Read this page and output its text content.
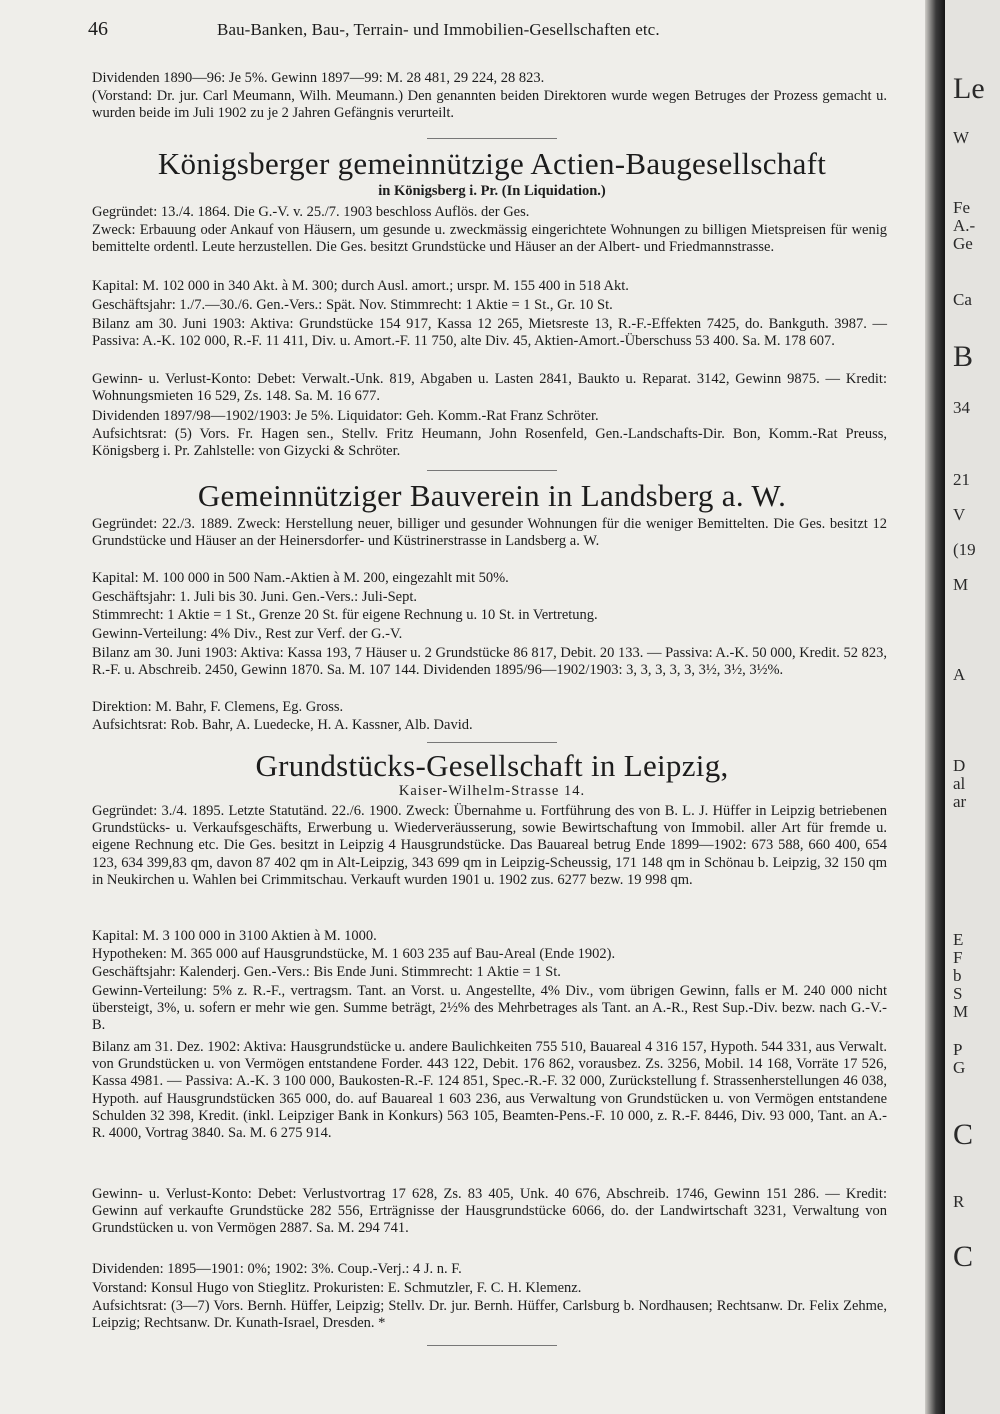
46	Bau-Banken, Bau-, Terrain- und Immobilien-Gesellschaften etc.
Dividenden 1890—96: Je 5%. Gewinn 1897—99: M. 28 481, 29 224, 28 823.
(Vorstand: Dr. jur. Carl Meumann, Wilh. Meumann.) Den genannten beiden Direktoren wurde wegen Betruges der Prozess gemacht u. wurden beide im Juli 1902 zu je 2 Jahren Gefängnis verurteilt.
Königsberger gemeinnützige Actien-Baugesellschaft
in Königsberg i. Pr. (In Liquidation.)
Gegründet: 13./4. 1864. Die G.-V. v. 25./7. 1903 beschloss Auflös. der Ges.
Zweck: Erbauung oder Ankauf von Häusern, um gesunde u. zweckmässig eingerichtete Wohnungen zu billigen Mietspreisen für wenig bemittelte ordentl. Leute herzustellen. Die Ges. besitzt Grundstücke und Häuser an der Albert- und Friedmannstrasse.
Kapital: M. 102 000 in 340 Akt. à M. 300; durch Ausl. amort.; urspr. M. 155 400 in 518 Akt.
Geschäftsjahr: 1./7.—30./6. Gen.-Vers.: Spät. Nov. Stimmrecht: 1 Aktie = 1 St., Gr. 10 St.
Bilanz am 30. Juni 1903: Aktiva: Grundstücke 154 917, Kassa 12 265, Mietsreste 13, R.-F.-Effekten 7425, do. Bankguth. 3987. — Passiva: A.-K. 102 000, R.-F. 11 411, Div. u. Amort.-F. 11 750, alte Div. 45, Aktien-Amort.-Überschuss 53 400. Sa. M. 178 607.
Gewinn- u. Verlust-Konto: Debet: Verwalt.-Unk. 819, Abgaben u. Lasten 2841, Baukto u. Reparat. 3142, Gewinn 9875. — Kredit: Wohnungsmieten 16 529, Zs. 148. Sa. M. 16 677.
Dividenden 1897/98—1902/1903: Je 5%. Liquidator: Geh. Komm.-Rat Franz Schröter.
Aufsichtsrat: (5) Vors. Fr. Hagen sen., Stellv. Fritz Heumann, John Rosenfeld, Gen.-Landschafts-Dir. Bon, Komm.-Rat Preuss, Königsberg i. Pr. Zahlstelle: von Gizycki & Schröter.
Gemeinnütziger Bauverein in Landsberg a. W.
Gegründet: 22./3. 1889. Zweck: Herstellung neuer, billiger und gesunder Wohnungen für die weniger Bemittelten. Die Ges. besitzt 12 Grundstücke und Häuser an der Heinersdorfer- und Küstrinerstrasse in Landsberg a. W.
Kapital: M. 100 000 in 500 Nam.-Aktien à M. 200, eingezahlt mit 50%.
Geschäftsjahr: 1. Juli bis 30. Juni. Gen.-Vers.: Juli-Sept.
Stimmrecht: 1 Aktie = 1 St., Grenze 20 St. für eigene Rechnung u. 10 St. in Vertretung.
Gewinn-Verteilung: 4% Div., Rest zur Verf. der G.-V.
Bilanz am 30. Juni 1903: Aktiva: Kassa 193, 7 Häuser u. 2 Grundstücke 86 817, Debit. 20 133. — Passiva: A.-K. 50 000, Kredit. 52 823, R.-F. u. Abschreib. 2450, Gewinn 1870. Sa. M. 107 144. Dividenden 1895/96—1902/1903: 3, 3, 3, 3, 3, 3½, 3½, 3½%.
Direktion: M. Bahr, F. Clemens, Eg. Gross.
Aufsichtsrat: Rob. Bahr, A. Luedecke, H. A. Kassner, Alb. David.
Grundstücks-Gesellschaft in Leipzig,
Kaiser-Wilhelm-Strasse 14.
Gegründet: 3./4. 1895. Letzte Statutänd. 22./6. 1900. Zweck: Übernahme u. Fortführung des von B. L. J. Hüffer in Leipzig betriebenen Grundstücks- u. Verkaufsgeschäfts, Erwerbung u. Wiederveräusserung, sowie Bewirtschaftung von Immobil. aller Art für fremde u. eigene Rechnung etc. Die Ges. besitzt in Leipzig 4 Hausgrundstücke. Das Bauareal betrug Ende 1899—1902: 673 588, 660 400, 654 123, 634 399,83 qm, davon 87 402 qm in Alt-Leipzig, 343 699 qm in Leipzig-Scheussig, 171 148 qm in Schönau b. Leipzig, 32 150 qm in Neukirchen u. Wahlen bei Crimmitschau. Verkauft wurden 1901 u. 1902 zus. 6277 bezw. 19 998 qm.
Kapital: M. 3 100 000 in 3100 Aktien à M. 1000.
Hypotheken: M. 365 000 auf Hausgrundstücke, M. 1 603 235 auf Bau-Areal (Ende 1902).
Geschäftsjahr: Kalenderj. Gen.-Vers.: Bis Ende Juni. Stimmrecht: 1 Aktie = 1 St.
Gewinn-Verteilung: 5% z. R.-F., vertragsm. Tant. an Vorst. u. Angestellte, 4% Div., vom übrigen Gewinn, falls er M. 240 000 nicht übersteigt, 3%, u. sofern er mehr wie gen. Summe beträgt, 2½% des Mehrbetrages als Tant. an A.-R., Rest Sup.-Div. bezw. nach G.-V.-B.
Bilanz am 31. Dez. 1902: Aktiva: Hausgrundstücke u. andere Baulichkeiten 755 510, Bauareal 4 316 157, Hypoth. 544 331, aus Verwalt. von Grundstücken u. von Vermögen entstandene Forder. 443 122, Debit. 176 862, vorausbez. Zs. 3256, Mobil. 14 168, Vorräte 17 526, Kassa 4981. — Passiva: A.-K. 3 100 000, Baukosten-R.-F. 124 851, Spec.-R.-F. 32 000, Zurückstellung f. Strassenherstellungen 46 038, Hypoth. auf Hausgrundstücken 365 000, do. auf Bauareal 1 603 236, aus Verwaltung von Grundstücken u. von Vermögen entstandene Schulden 32 398, Kredit. (inkl. Leipziger Bank in Konkurs) 563 105, Beamten-Pens.-F. 10 000, z. R.-F. 8446, Div. 93 000, Tant. an A.-R. 4000, Vortrag 3840. Sa. M. 6 275 914.
Gewinn- u. Verlust-Konto: Debet: Verlustvortrag 17 628, Zs. 83 405, Unk. 40 676, Abschreib. 1746, Gewinn 151 286. — Kredit: Gewinn auf verkaufte Grundstücke 282 556, Erträgnisse der Hausgrundstücke 6066, do. der Landwirtschaft 3231, Verwaltung von Grundstücken u. von Vermögen 2887. Sa. M. 294 741.
Dividenden: 1895—1901: 0%; 1902: 3%. Coup.-Verj.: 4 J. n. F.
Vorstand: Konsul Hugo von Stieglitz. Prokuristen: E. Schmutzler, F. C. H. Klemenz.
Aufsichtsrat: (3—7) Vors. Bernh. Hüffer, Leipzig; Stellv. Dr. jur. Bernh. Hüffer, Carlsburg b. Nordhausen; Rechtsanw. Dr. Felix Zehme, Leipzig; Rechtsanw. Dr. Kunath-Israel, Dresden. *
Le
W
Fe
A.-
Ge
Ca
B
34
21
V
(19
M
A
D
al
ar
E
F
b
S
M
P
G
C
R
C
